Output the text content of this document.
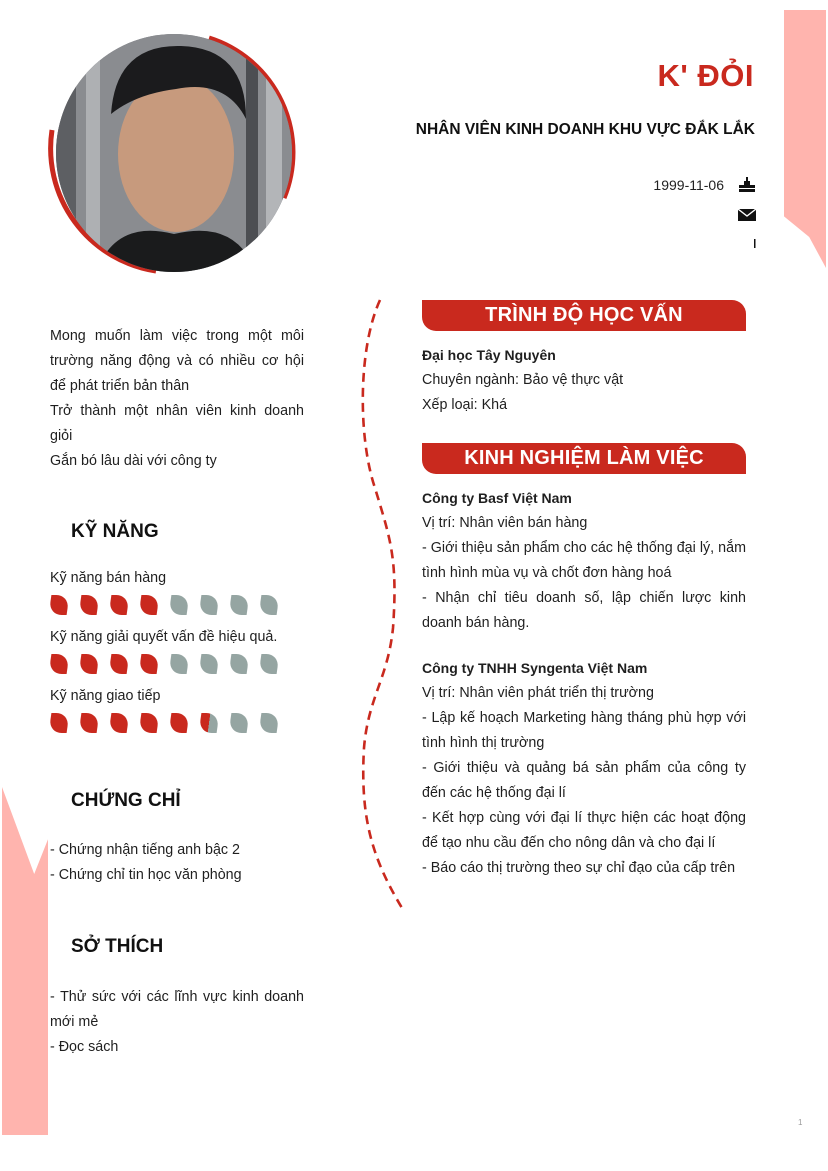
K' ĐỎI
NHÂN VIÊN KINH DOANH KHU VỰC ĐẮK LẮK
1999-11-06

Mong muốn làm việc trong một môi trường năng động và có nhiều cơ hội để phát triển bản thân

Trở thành một nhân viên kinh doanh giỏi

Gắn bó lâu dài với công ty

KỸ NĂNG
Kỹ năng bán hàng
Kỹ năng giải quyết vấn đề hiệu quả.
Kỹ năng giao tiếp
CHỨNG CHỈ
- Chứng nhận tiếng anh bậc 2
- Chứng chỉ tin học văn phòng
SỞ THÍCH
- Thử sức với các lĩnh vực kinh doanh mới mẻ
- Đọc sách
TRÌNH ĐỘ HỌC VẤN
Đại học Tây Nguyên
Chuyên ngành: Bảo vệ thực vật
Xếp loại: Khá
KINH NGHIỆM LÀM VIỆC
Công ty Basf Việt Nam
Vị trí: Nhân viên bán hàng
- Giới thiệu sản phẩm cho các hệ thống đại lý, nắm tình hình mùa vụ và chốt đơn hàng hoá
- Nhận chỉ tiêu doanh số, lập chiến lược kinh doanh bán hàng.
Công ty TNHH Syngenta Việt Nam
Vị trí: Nhân viên phát triển thị trường
- Lập kế hoạch Marketing hàng tháng phù hợp với tình hình thị trường
- Giới thiệu và quảng bá sản phẩm của công ty đến các hệ thống đại lí
- Kết hợp cùng với đại lí thực hiện các hoạt động để tạo nhu cầu đến cho nông dân và cho đại lí
- Báo cáo thị trường theo sự chỉ đạo của cấp trên
1
